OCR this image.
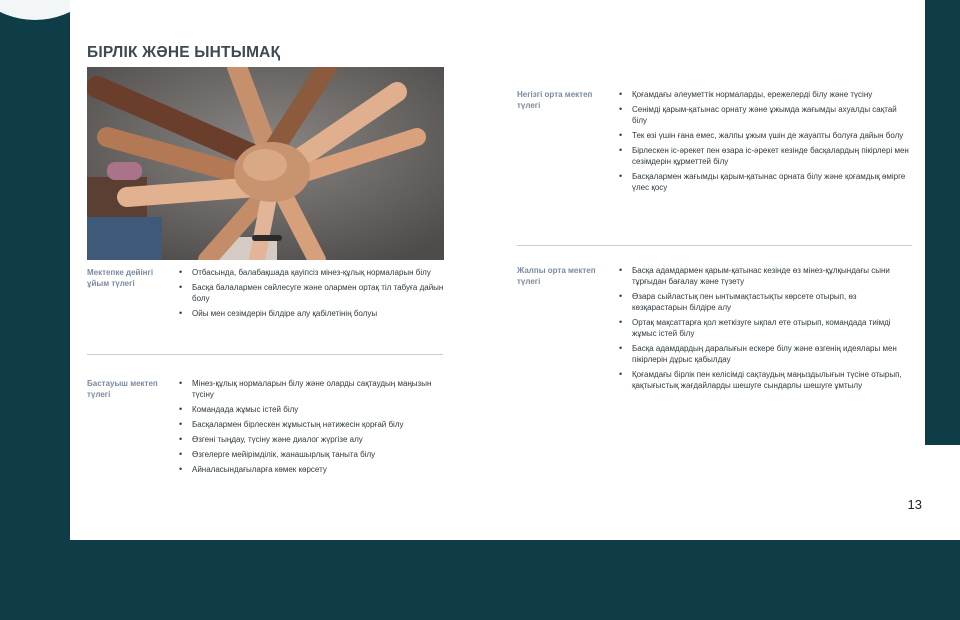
БІРЛІК ЖӘНЕ ЫНТЫМАҚ
Мектепке дейінгі ұйым түлегі
• Отбасында, балабақшада қауіпсіз мінез-құлық нормаларын білу
• Басқа балалармен сөйлесуге және олармен ортақ тіл табуға дайын болу
• Ойы мен сезімдерін білдіре алу қабілетінің болуы
Бастауыш мектеп түлегі
• Мінез-құлық нормаларын білу және оларды сақтаудың маңызын түсіну
• Командада жұмыс істей білу
• Басқалармен бірлескен жұмыстың нәтижесін қорғай білу
• Өзгені тыңдау, түсіну және диалог жүргізе алу
• Өзгелерге мейірімділік, жанашырлық таныта білу
• Айналасындағыларға көмек көрсету
Негізгі орта мектеп түлегі
• Қоғамдағы әлеуметтік нормаларды, ережелерді білу және түсіну
• Сенімді қарым-қатынас орнату және ұжымда жағымды ахуалды сақтай білу
• Тек өзі үшін ғана емес, жалпы ұжым үшін де жауапты болуға дайын болу
• Бірлескен іс-әрекет пен өзара іс-әрекет кезінде басқалардың пікірлері мен сезімдерін құрметтей білу
• Басқалармен жағымды қарым-қатынас орната білу және қоғамдық өмірге үлес қосу
Жалпы орта мектеп түлегі
• Басқа адамдармен қарым-қатынас кезінде өз мінез-құлқындағы сыни тұрғыдан бағалау және түзету
• Өзара сыйластық пен ынтымақтастықты көрсете отырып, өз көзқарастарын білдіре алу
• Ортақ мақсаттарға қол жеткізуге ықпал ете отырып, командада тиімді жұмыс істей білу
• Басқа адамдардың даралығын ескере білу және өзгенің идеялары мен пікірлерін дұрыс қабылдау
• Қоғамдағы бірлік пен келісімді сақтаудың маңыздылығын түсіне отырып, қақтығыстық жағдайларды шешуге сындарлы шешуге ұмтылу
13
